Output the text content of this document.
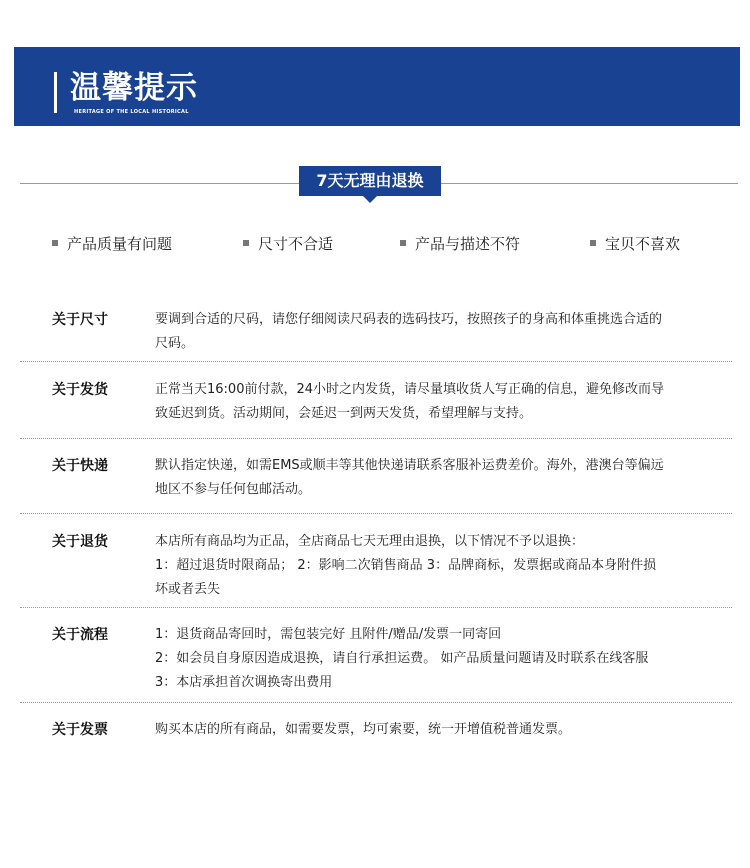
温馨提示
HERITAGE OF THE LOCAL HISTORICAL
7天无理由退换
产品质量有问题	尺寸不合适	产品与描述不符	宝贝不喜欢
关于尺寸	要调到合适的尺码，请您仔细阅读尺码表的选码技巧，按照孩子的身高和体重挑选合适的
尺码。
关于发货	正常当天16:00前付款，24小时之内发货，请尽量填收货人写正确的信息，避免修改而导
致延迟到货。活动期间，会延迟一到两天发货，希望理解与支持。
关于快递	默认指定快递，如需EMS或顺丰等其他快递请联系客服补运费差价。海外，港澳台等偏远
地区不参与任何包邮活动。
关于退货	本店所有商品均为正品，全店商品七天无理由退换，以下情况不予以退换：
1：超过退货时限商品； 2：影响二次销售商品 3：品牌商标，发票据或商品本身附件损
坏或者丢失
关于流程	1：退货商品寄回时，需包装完好 且附件/赠品/发票一同寄回
2：如会员自身原因造成退换，请自行承担运费。 如产品质量问题请及时联系在线客服
3：本店承担首次调换寄出费用
关于发票	购买本店的所有商品，如需要发票，均可索要，统一开增值税普通发票。
